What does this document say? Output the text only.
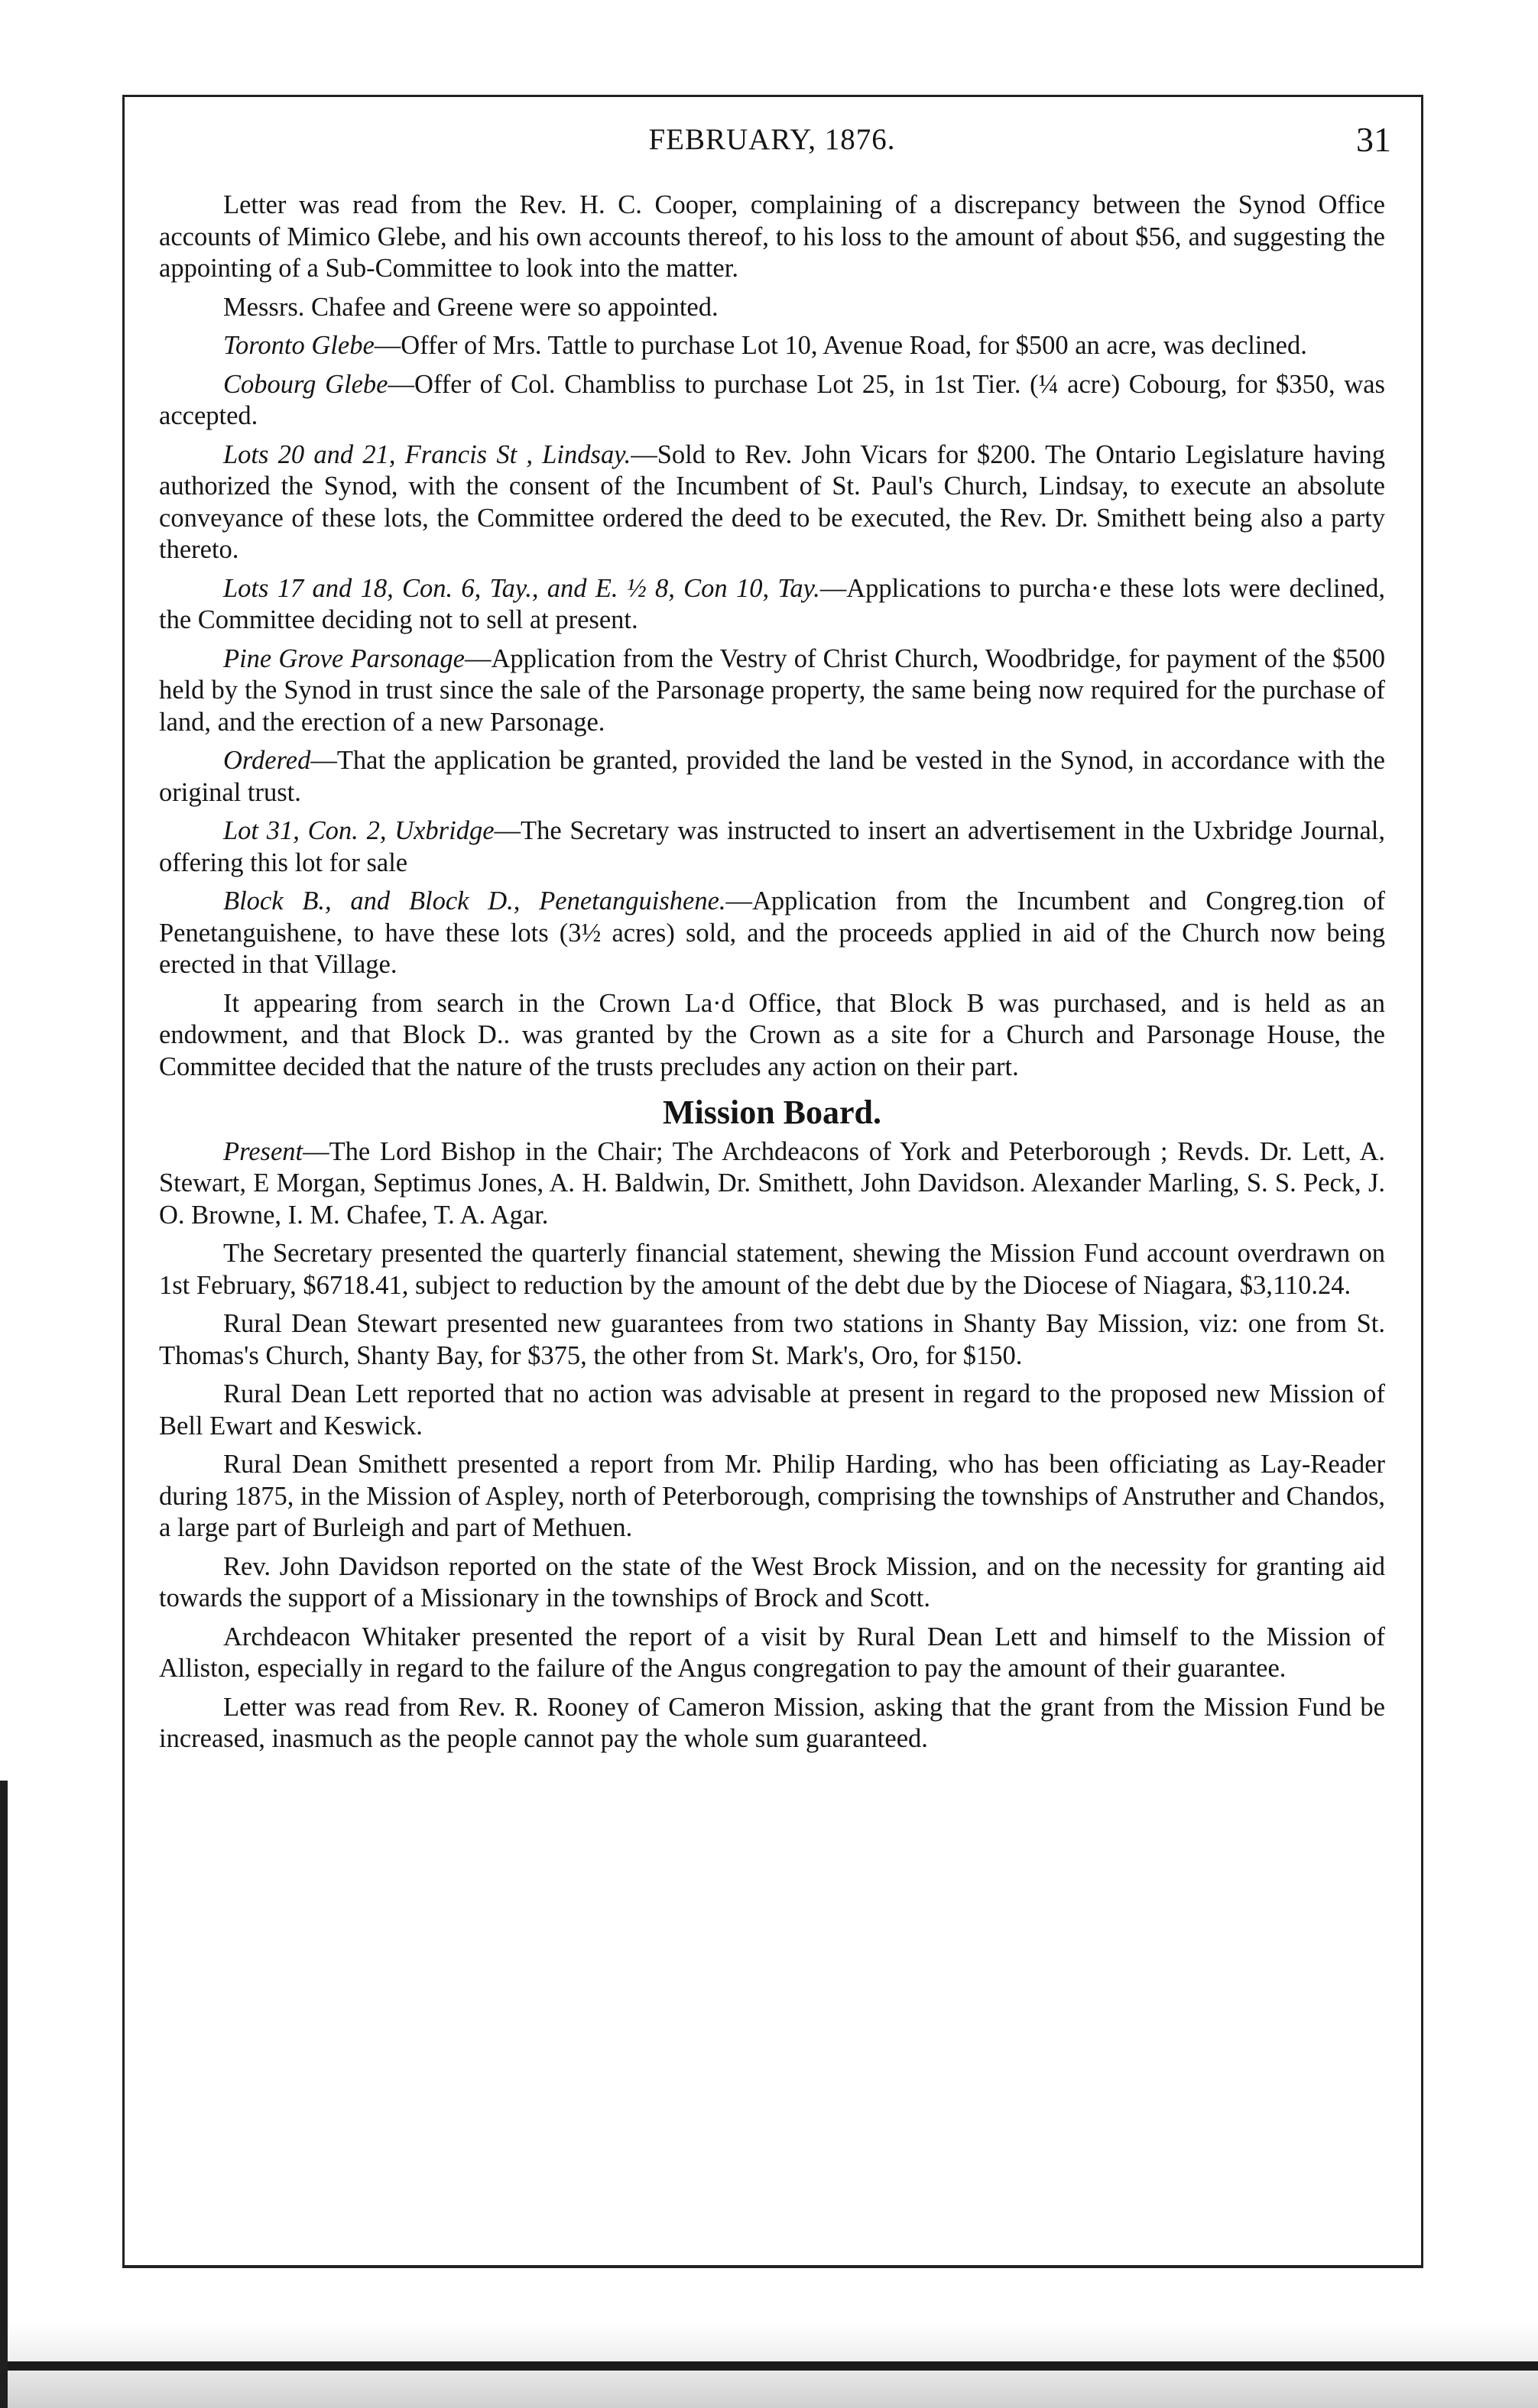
FEBRUARY, 1876.	31

Letter was read from the Rev. H. C. Cooper, complaining of a discrepancy between the Synod Office accounts of Mimico Glebe, and his own accounts thereof, to his loss to the amount of about $56, and suggesting the appointing of a Sub-Committee to look into the matter.

Messrs. Chafee and Greene were so appointed.

Toronto Glebe—Offer of Mrs. Tattle to purchase Lot 10, Avenue Road, for $500 an acre, was declined.

Cobourg Glebe—Offer of Col. Chambliss to purchase Lot 25, in 1st Tier. (¼ acre) Cobourg, for $350, was accepted.

Lots 20 and 21, Francis St , Lindsay.—Sold to Rev. John Vicars for $200. The Ontario Legislature having authorized the Synod, with the consent of the Incumbent of St. Paul's Church, Lindsay, to execute an absolute conveyance of these lots, the Committee ordered the deed to be executed, the Rev. Dr. Smithett being also a party thereto.

Lots 17 and 18, Con. 6, Tay., and E. ½ 8, Con 10, Tay.—Applications to purcha·e these lots were declined, the Committee deciding not to sell at present.

Pine Grove Parsonage—Application from the Vestry of Christ Church, Woodbridge, for payment of the $500 held by the Synod in trust since the sale of the Parsonage property, the same being now required for the purchase of land, and the erection of a new Parsonage.

Ordered—That the application be granted, provided the land be vested in the Synod, in accordance with the original trust.

Lot 31, Con. 2, Uxbridge—The Secretary was instructed to insert an advertisement in the Uxbridge Journal, offering this lot for sale

Block B., and Block D., Penetanguishene.—Application from the Incumbent and Congreg.tion of Penetanguishene, to have these lots (3½ acres) sold, and the proceeds applied in aid of the Church now being erected in that Village.

It appearing from search in the Crown La·d Office, that Block B was purchased, and is held as an endowment, and that Block D.. was granted by the Crown as a site for a Church and Parsonage House, the Committee decided that the nature of the trusts precludes any action on their part.

Mission Board.

Present—The Lord Bishop in the Chair; The Archdeacons of York and Peterborough ; Revds. Dr. Lett, A. Stewart, E Morgan, Septimus Jones, A. H. Baldwin, Dr. Smithett, John Davidson. Alexander Marling, S. S. Peck, J. O. Browne, I. M. Chafee, T. A. Agar.

The Secretary presented the quarterly financial statement, shewing the Mission Fund account overdrawn on 1st February, $6718.41, subject to reduction by the amount of the debt due by the Diocese of Niagara, $3,110.24.

Rural Dean Stewart presented new guarantees from two stations in Shanty Bay Mission, viz: one from St. Thomas's Church, Shanty Bay, for $375, the other from St. Mark's, Oro, for $150.

Rural Dean Lett reported that no action was advisable at present in regard to the proposed new Mission of Bell Ewart and Keswick.

Rural Dean Smithett presented a report from Mr. Philip Harding, who has been officiating as Lay-Reader during 1875, in the Mission of Aspley, north of Peterborough, comprising the townships of Anstruther and Chandos, a large part of Burleigh and part of Methuen.

Rev. John Davidson reported on the state of the West Brock Mission, and on the necessity for granting aid towards the support of a Missionary in the townships of Brock and Scott.

Archdeacon Whitaker presented the report of a visit by Rural Dean Lett and himself to the Mission of Alliston, especially in regard to the failure of the Angus congregation to pay the amount of their guarantee.

Letter was read from Rev. R. Rooney of Cameron Mission, asking that the grant from the Mission Fund be increased, inasmuch as the people cannot pay the whole sum guaranteed.
